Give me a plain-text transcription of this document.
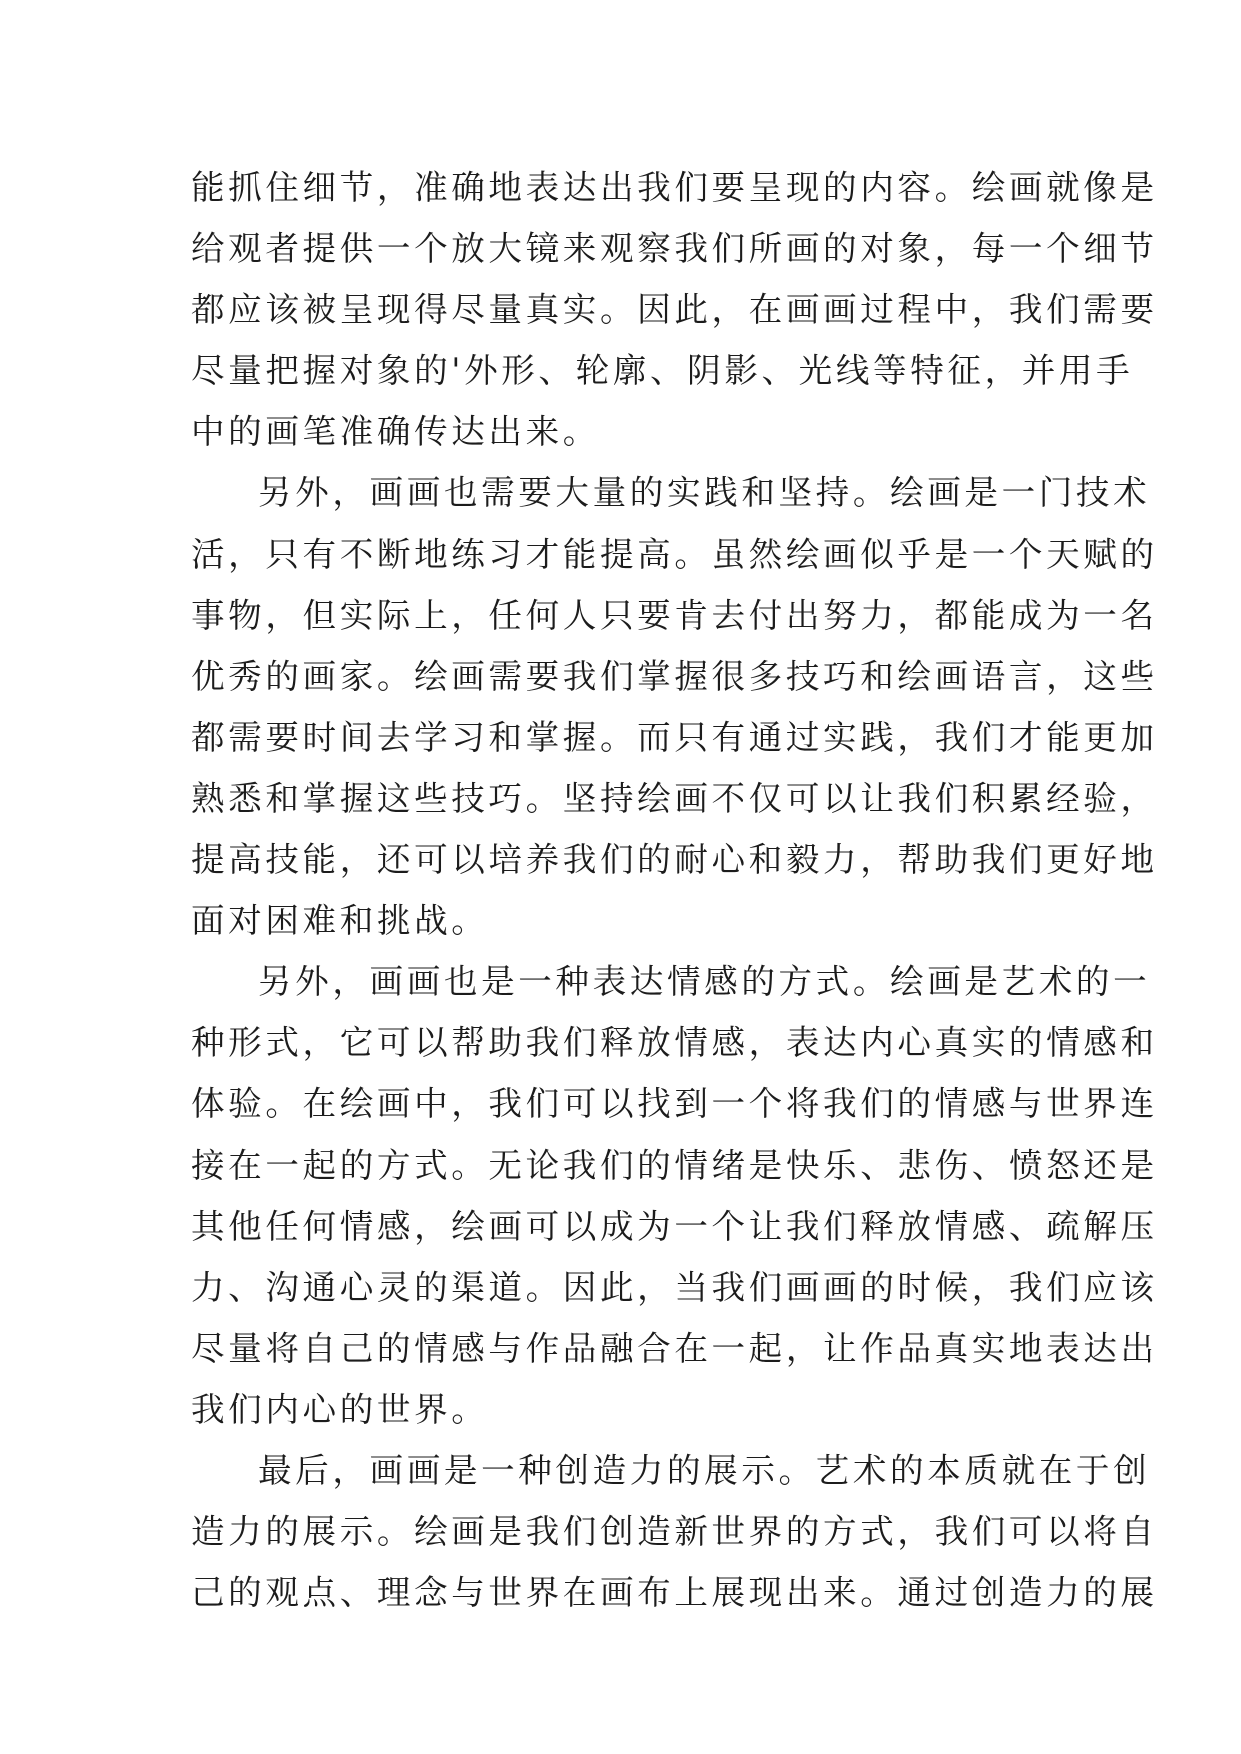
能抓住细节，准确地表达出我们要呈现的内容。绘画就像是
给观者提供一个放大镜来观察我们所画的对象，每一个细节
都应该被呈现得尽量真实。因此，在画画过程中，我们需要
尽量把握对象的'外形、轮廓、阴影、光线等特征，并用手
中的画笔准确传达出来。
另外，画画也需要大量的实践和坚持。绘画是一门技术
活，只有不断地练习才能提高。虽然绘画似乎是一个天赋的
事物，但实际上，任何人只要肯去付出努力，都能成为一名
优秀的画家。绘画需要我们掌握很多技巧和绘画语言，这些
都需要时间去学习和掌握。而只有通过实践，我们才能更加
熟悉和掌握这些技巧。坚持绘画不仅可以让我们积累经验，
提高技能，还可以培养我们的耐心和毅力，帮助我们更好地
面对困难和挑战。
另外，画画也是一种表达情感的方式。绘画是艺术的一
种形式，它可以帮助我们释放情感，表达内心真实的情感和
体验。在绘画中，我们可以找到一个将我们的情感与世界连
接在一起的方式。无论我们的情绪是快乐、悲伤、愤怒还是
其他任何情感，绘画可以成为一个让我们释放情感、疏解压
力、沟通心灵的渠道。因此，当我们画画的时候，我们应该
尽量将自己的情感与作品融合在一起，让作品真实地表达出
我们内心的世界。
最后，画画是一种创造力的展示。艺术的本质就在于创
造力的展示。绘画是我们创造新世界的方式，我们可以将自
己的观点、理念与世界在画布上展现出来。通过创造力的展
